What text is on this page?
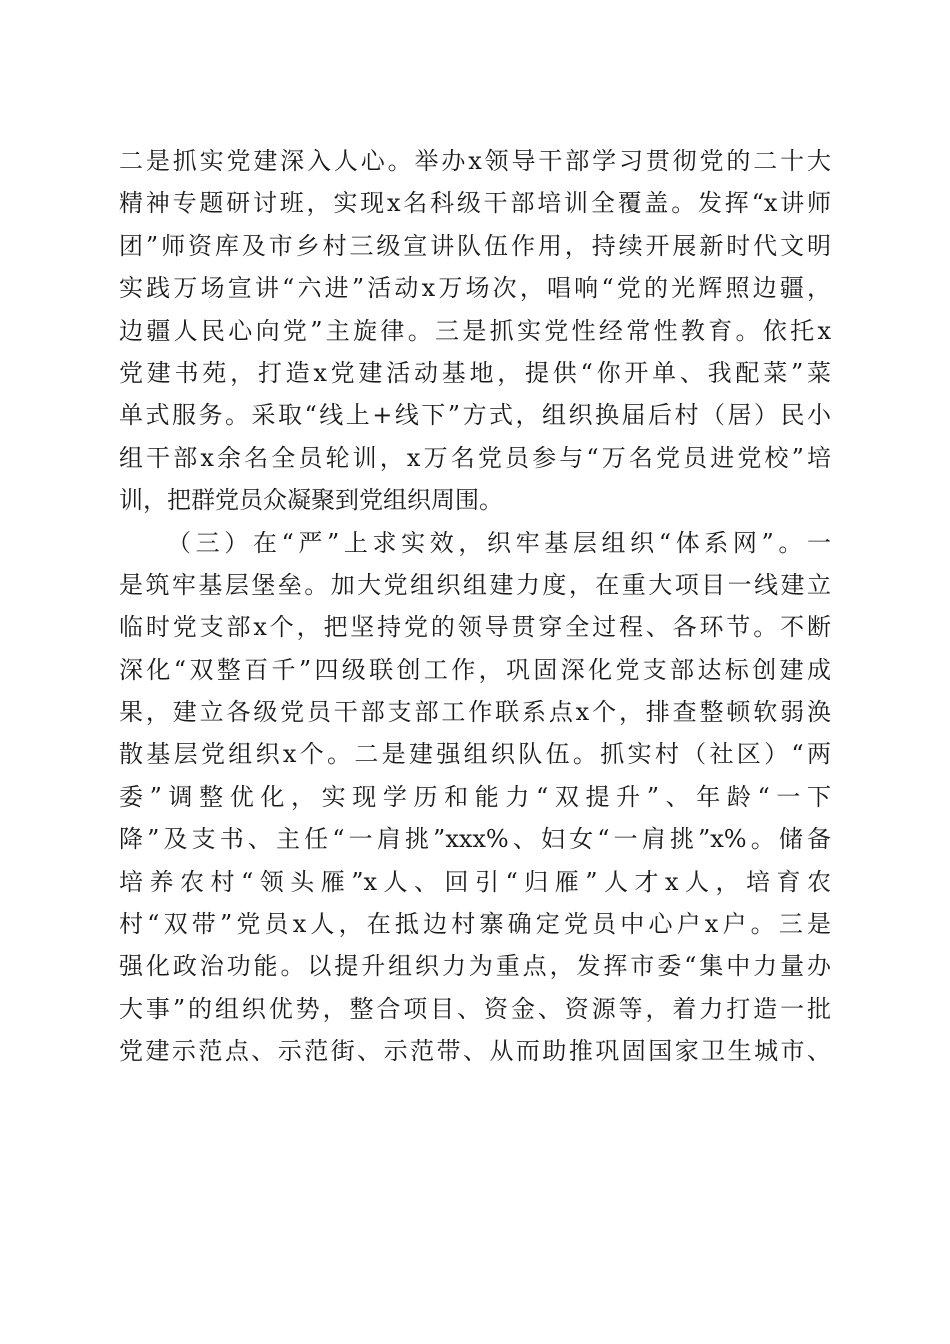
二是抓实党建深入人心。举办x领导干部学习贯彻党的二十大
精神专题研讨班，实现x名科级干部培训全覆盖。发挥“x讲师
团”师资库及市乡村三级宣讲队伍作用，持续开展新时代文明
实践万场宣讲“六进”活动x万场次，唱响“党的光辉照边疆，
边疆人民心向党”主旋律。三是抓实党性经常性教育。依托x
党建书苑，打造x党建活动基地，提供“你开单、我配菜”菜
单式服务。采取“线上+线下”方式，组织换届后村（居）民小
组干部x余名全员轮训，x万名党员参与“万名党员进党校”培
训，把群党员众凝聚到党组织周围。
（三）在“严”上求实效，织牢基层组织“体系网”。一
是筑牢基层堡垒。加大党组织组建力度，在重大项目一线建立
临时党支部x个，把坚持党的领导贯穿全过程、各环节。不断
深化“双整百千”四级联创工作，巩固深化党支部达标创建成
果，建立各级党员干部支部工作联系点x个，排查整顿软弱涣
散基层党组织x个。二是建强组织队伍。抓实村（社区）“两
委”调整优化，实现学历和能力“双提升”、年龄“一下
降”及支书、主任“一肩挑”xxx%、妇女“一肩挑”x%。储备
培养农村“领头雁”x人、回引“归雁”人才x人，培育农
村“双带”党员x人，在抵边村寨确定党员中心户x户。三是
强化政治功能。以提升组织力为重点，发挥市委“集中力量办
大事”的组织优势，整合项目、资金、资源等，着力打造一批
党建示范点、示范街、示范带、从而助推巩固国家卫生城市、
